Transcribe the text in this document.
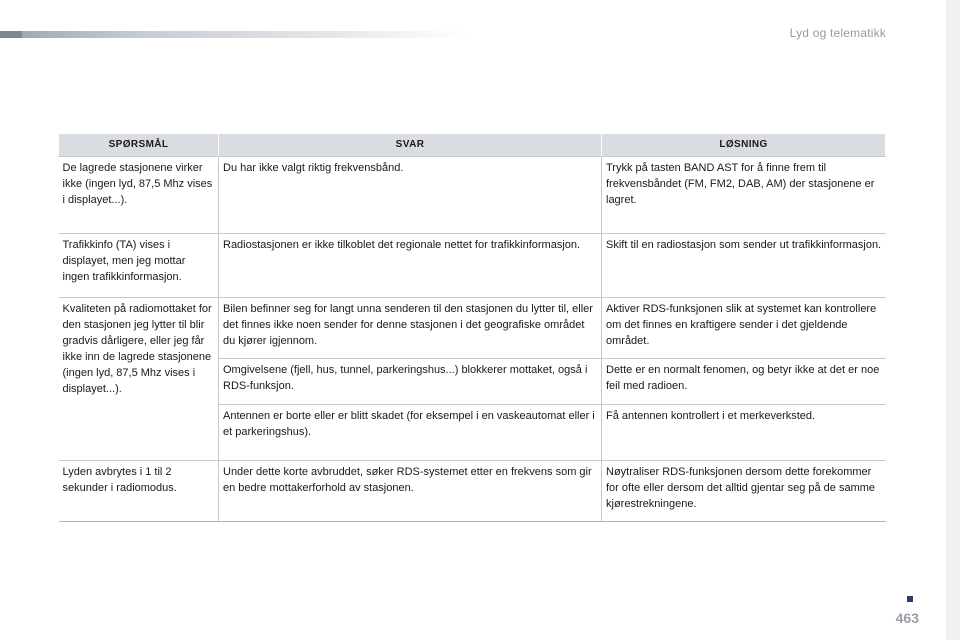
Lyd og telematikk
SPØRSMÅL	SVAR	LØSNING
De lagrede stasjonene virker ikke (ingen lyd, 87,5 Mhz vises i displayet...).	Du har ikke valgt riktig frekvensbånd.	Trykk på tasten BAND AST for å finne frem til frekvensbåndet (FM, FM2, DAB, AM) der stasjonene er lagret.
Trafikkinfo (TA) vises i displayet, men jeg mottar ingen trafikkinformasjon.	Radiostasjonen er ikke tilkoblet det regionale nettet for trafikkinformasjon.	Skift til en radiostasjon som sender ut trafikkinformasjon.
Kvaliteten på radiomottaket for den stasjonen jeg lytter til blir gradvis dårligere, eller jeg får ikke inn de lagrede stasjonene (ingen lyd, 87,5 Mhz vises i displayet...).	Bilen befinner seg for langt unna senderen til den stasjonen du lytter til, eller det finnes ikke noen sender for denne stasjonen i det geografiske området du kjører igjennom.	Aktiver RDS-funksjonen slik at systemet kan kontrollere om det finnes en kraftigere sender i det gjeldende området.
	Omgivelsene (fjell, hus, tunnel, parkeringshus...) blokkerer mottaket, også i RDS-funksjon.	Dette er en normalt fenomen, og betyr ikke at det er noe feil med radioen.
	Antennen er borte eller er blitt skadet (for eksempel i en vaskeautomat eller i et parkeringshus).	Få antennen kontrollert i et merkeverksted.
Lyden avbrytes i 1 til 2 sekunder i radiomodus.	Under dette korte avbruddet, søker RDS-systemet etter en frekvens som gir en bedre mottakerforhold av stasjonen.	Nøytraliser RDS-funksjonen dersom dette forekommer for ofte eller dersom det alltid gjentar seg på de samme kjørestrekningene.
463
